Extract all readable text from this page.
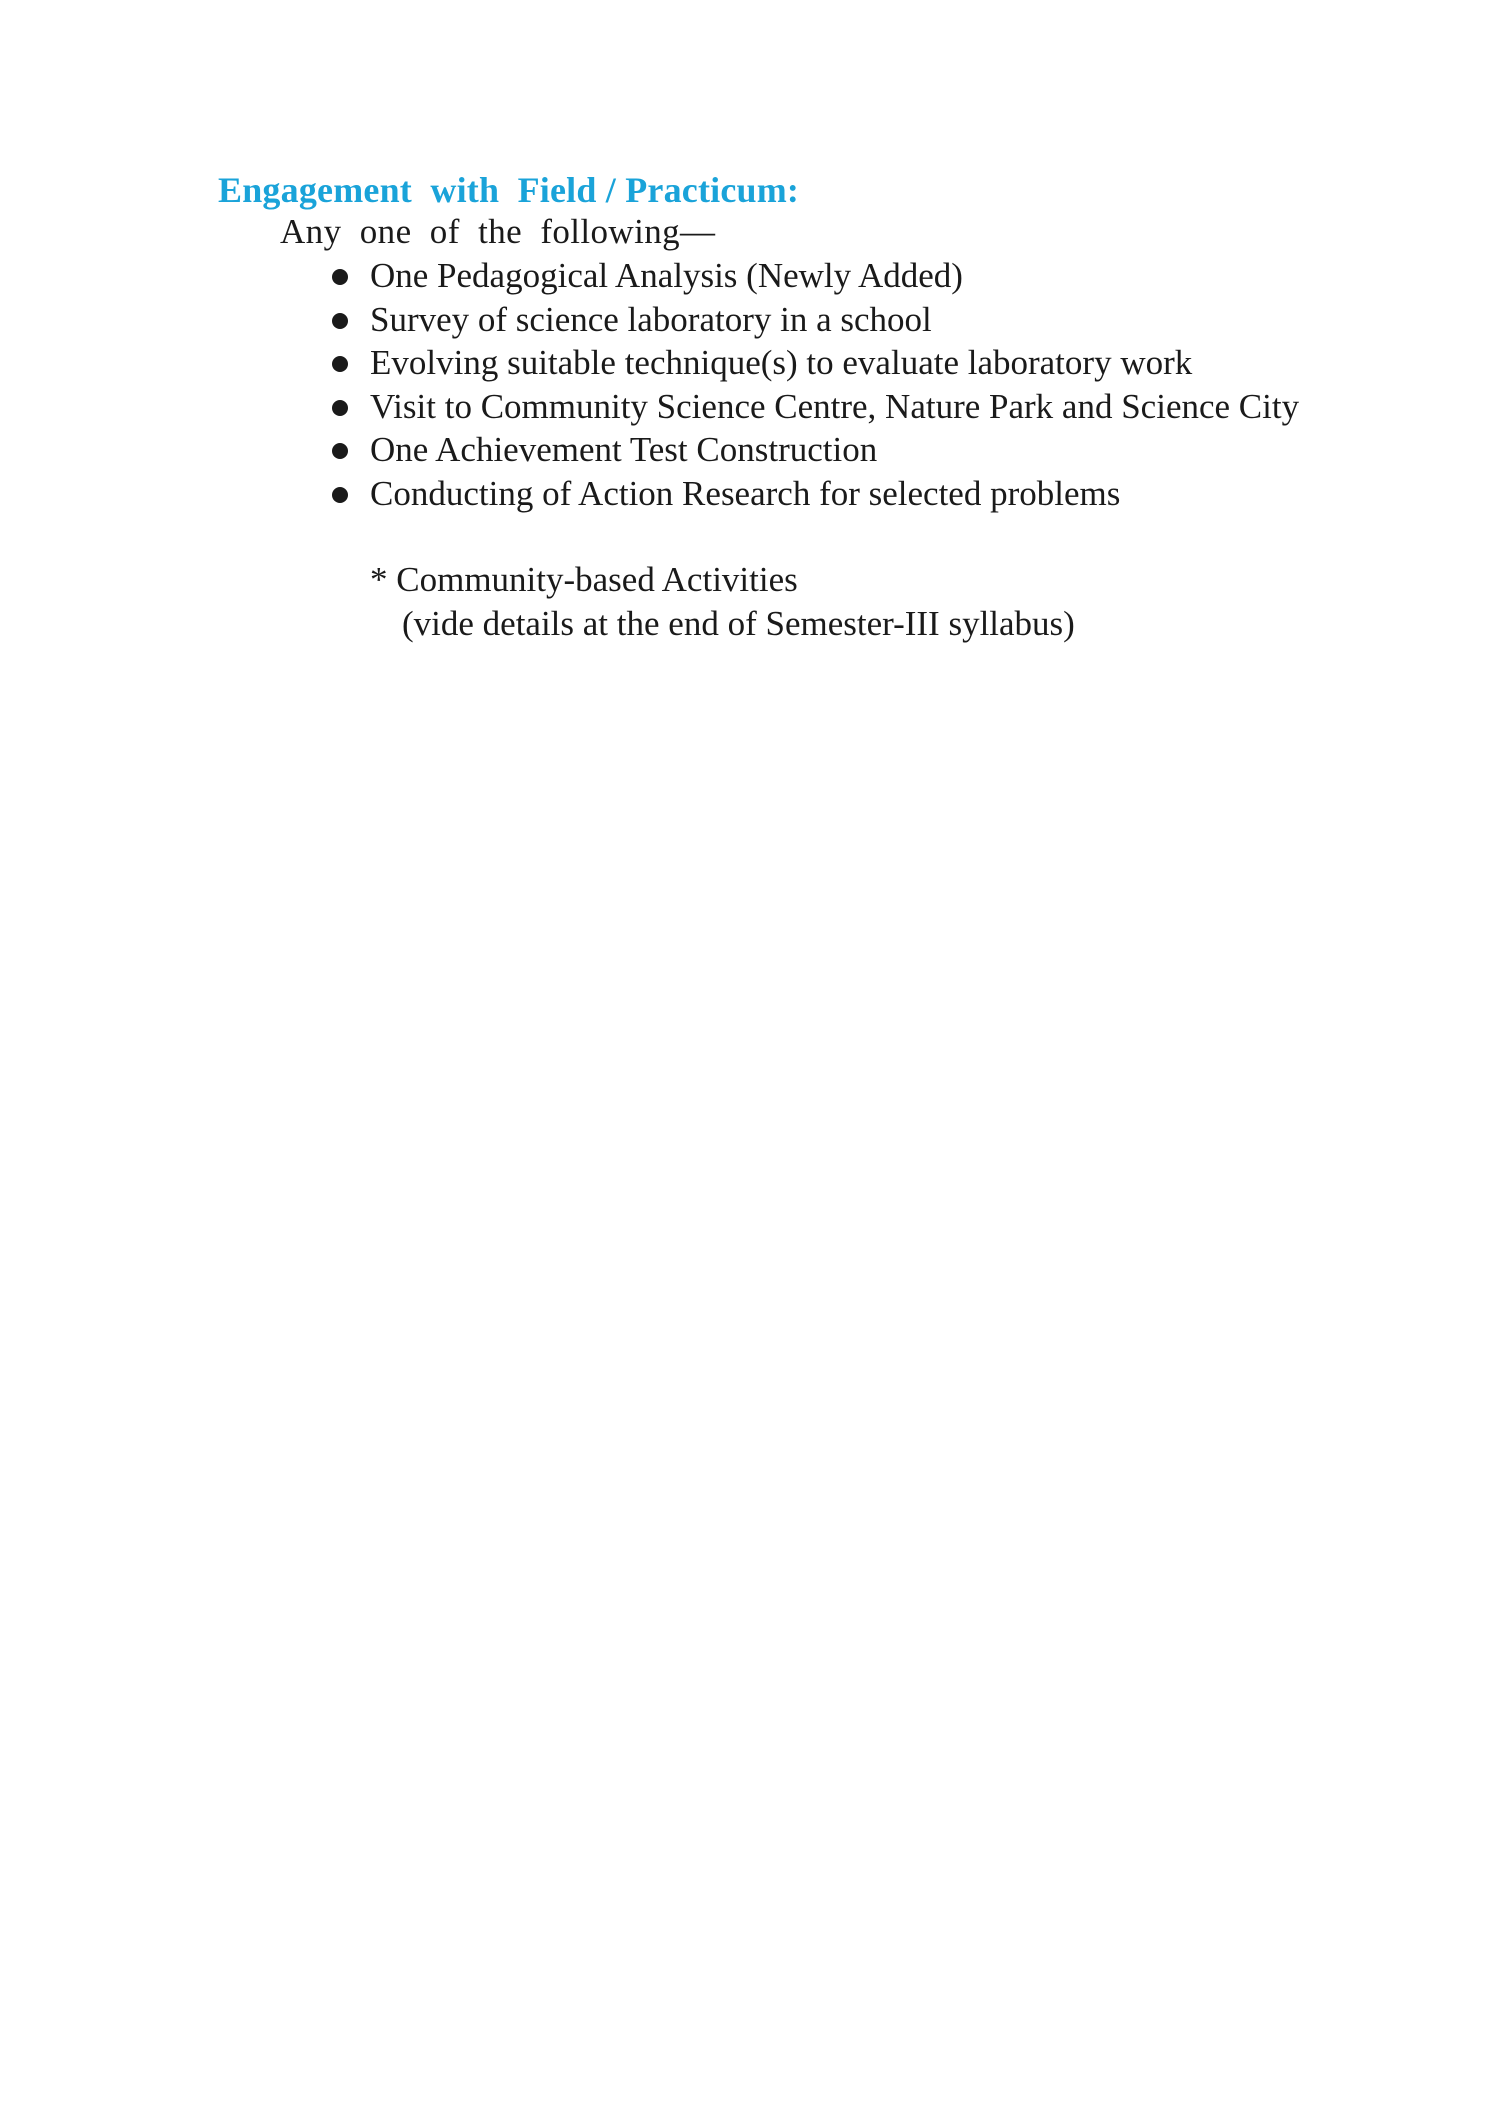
Engagement  with  Field / Practicum:
Any  one  of  the  following—
One Pedagogical Analysis (Newly Added)
Survey of science laboratory in a school
Evolving suitable technique(s) to evaluate laboratory work
Visit to Community Science Centre, Nature Park and Science City
One Achievement Test Construction
Conducting of Action Research for selected problems
* Community-based Activities
(vide details at the end of Semester-III syllabus)
